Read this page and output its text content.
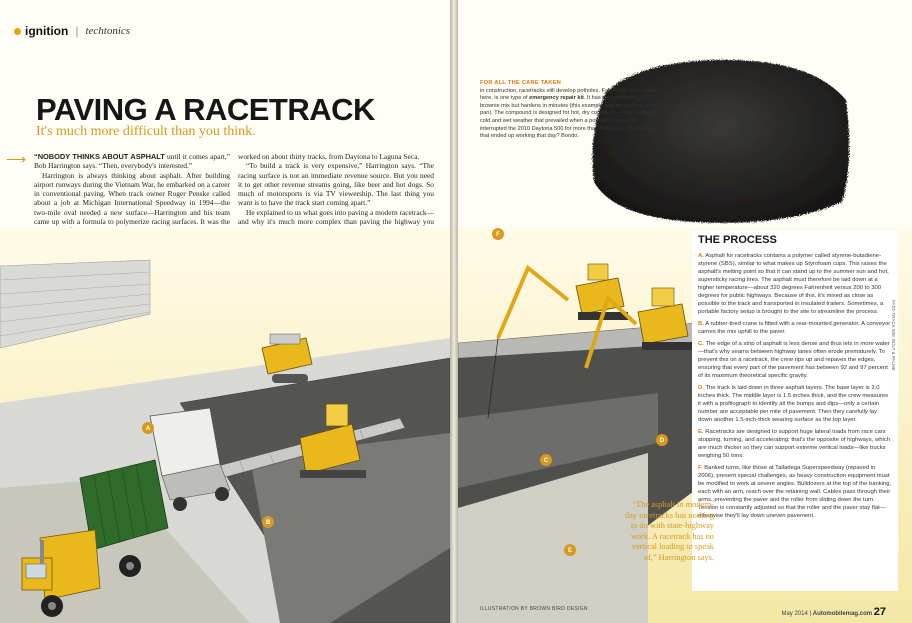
ignition | techtonics
PAVING A RACETRACK

It's much more difficult than you think.

⟶ “NOBODY THINKS ABOUT ASPHALT until it comes apart,” Bob Harrington says. “Then, everybody's interested.”

Harrington is always thinking about asphalt. After building airport runways during the Vietnam War, he embarked on a career in conventional paving. When track owner Roger Penske called about a job at Michigan International Speedway in 1994—the two-mile oval needed a new surface—Harrington and his team came up with a formula to polymerize racing surfaces. It was the

worked on about thirty tracks, from Daytona to Laguna Seca.

“To build a track is very expensive,” Harrington says. “The racing surface is not an immediate revenue source. But you need it to get other revenue streams going, like beer and hot dogs. So much of motorsports is via TV viewership. The last thing you want is to have the track start coming apart.”

He explained to us what goes into paving a modern racetrack—and why it's much more complex than paving the highway you

A
B
F
C
D
E
FOR ALL THE CARE TAKEN
in construction, racetracks still develop potholes. Fast-Track 500, shown here, is one type of emergency repair kit. It has the consistency of brownie mix but hardens in minutes (this example was poured into a cake pan). The compound is designed for hot, dry conditions—quite unlike the cold and wet weather that prevailed when a pothole infamously interrupted the 2010 Daytona 500 for more than two hours. The material that ended up working that day? Bondo.
THE PROCESS

A. Asphalt for racetracks contains a polymer called styrene-butadiene-styrene (SBS), similar to what makes up Styrofoam cups. This raises the asphalt's melting point so that it can stand up to the summer sun and hot, supersticky racing tires. The asphalt must therefore be laid down at a higher temperature—about 320 degrees Fahrenheit versus 200 to 300 degrees for public highways. Because of this, it's mixed as close as possible to the track and transported in insulated trailers. Sometimes, a portable factory setup is brought to the site to streamline the process.

B. A rubber-tired crane is fitted with a rear-mounted generator. A conveyor carries the mix uphill to the paver.

C. The edge of a strip of asphalt is less dense and thus lets in more water—that's why seams between highway lanes often erode prematurely. To prevent this on a racetrack, the crew rips up and repaves the edges, ensuring that every part of the pavement has between 92 and 97 percent of its maximum theoretical specific gravity.

D. The track is laid down in three asphalt layers. The base layer is 2.0 inches thick. The middle layer is 1.5 inches thick, and the crew measures it with a profilograph to identify all the bumps and dips—only a certain number are acceptable per mile of pavement. Then they carefully lay down another 1.5-inch-thick wearing surface as the top layer.

E. Racetracks are designed to support huge lateral loads from race cars stopping, turning, and accelerating; that's the opposite of highways, which are much thicker so they can support extreme vertical loads—like trucks weighing 50 tons.

F. Banked turns, like those at Talladega Superspeedway (repaved in 2006), present special challenges, as heavy construction equipment must be modified to work at severe angles. Bulldozers at the top of the banking, each with an arm, reach over the retaining wall. Cables pass through their arms, preventing the paver and the roller from sliding down the turn. Tension is constantly adjusted so that the roller and the paver stay flat—otherwise they'll lay down uneven pavement.

“The asphalt in modern-day racetracks has nothing to do with state-highway work. A racetrack has no vertical loading to speak of,” Harrington says.
FAST-TRACK 500: BOLT & PALME
ILLUSTRATION BY BROWN BIRD DESIGN
May 2014 | Automobilemag.com 27
